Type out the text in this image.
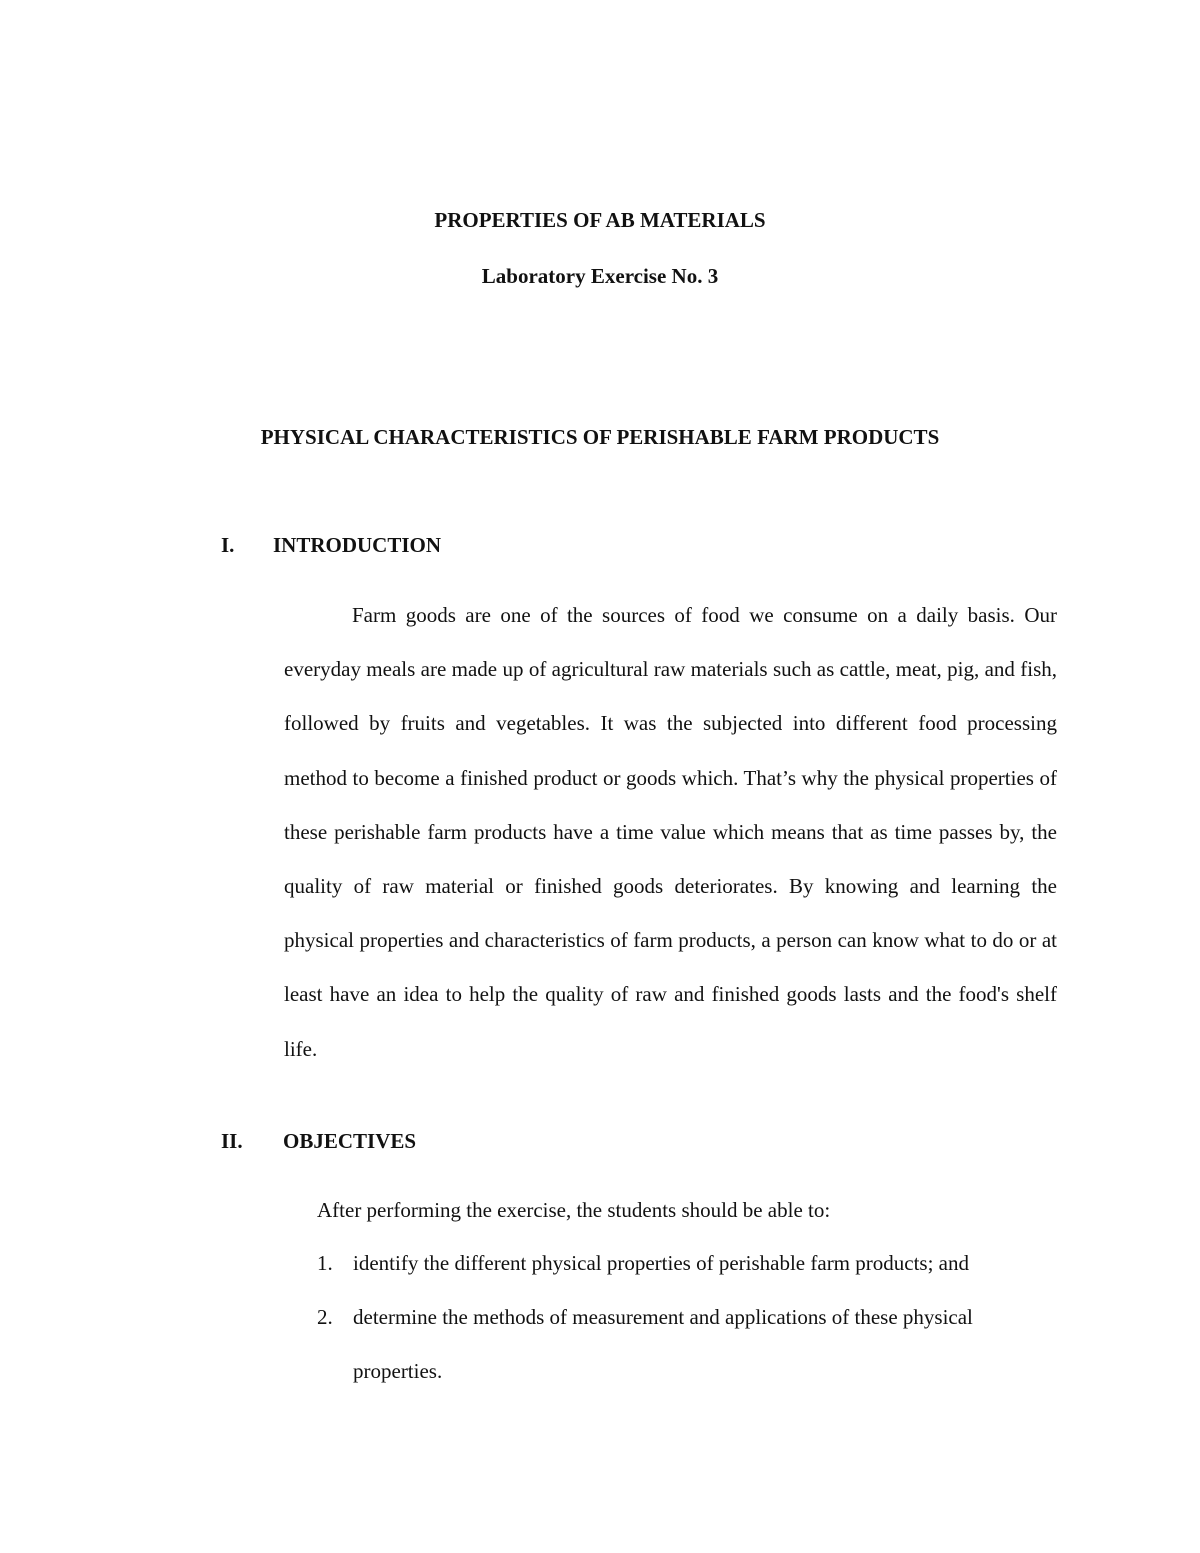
PROPERTIES OF AB MATERIALS
Laboratory Exercise No. 3
PHYSICAL CHARACTERISTICS OF PERISHABLE FARM PRODUCTS
I. INTRODUCTION

Farm goods are one of the sources of food we consume on a daily basis. Our everyday meals are made up of agricultural raw materials such as cattle, meat, pig, and fish, followed by fruits and vegetables. It was the subjected into different food processing method to become a finished product or goods which. That’s why the physical properties of these perishable farm products have a time value which means that as time passes by, the quality of raw material or finished goods deteriorates. By knowing and learning the physical properties and characteristics of farm products, a person can know what to do or at least have an idea to help the quality of raw and finished goods lasts and the food's shelf life.

II. OBJECTIVES

After performing the exercise, the students should be able to:

1. identify the different physical properties of perishable farm products; and
2. determine the methods of measurement and applications of these physical properties.
